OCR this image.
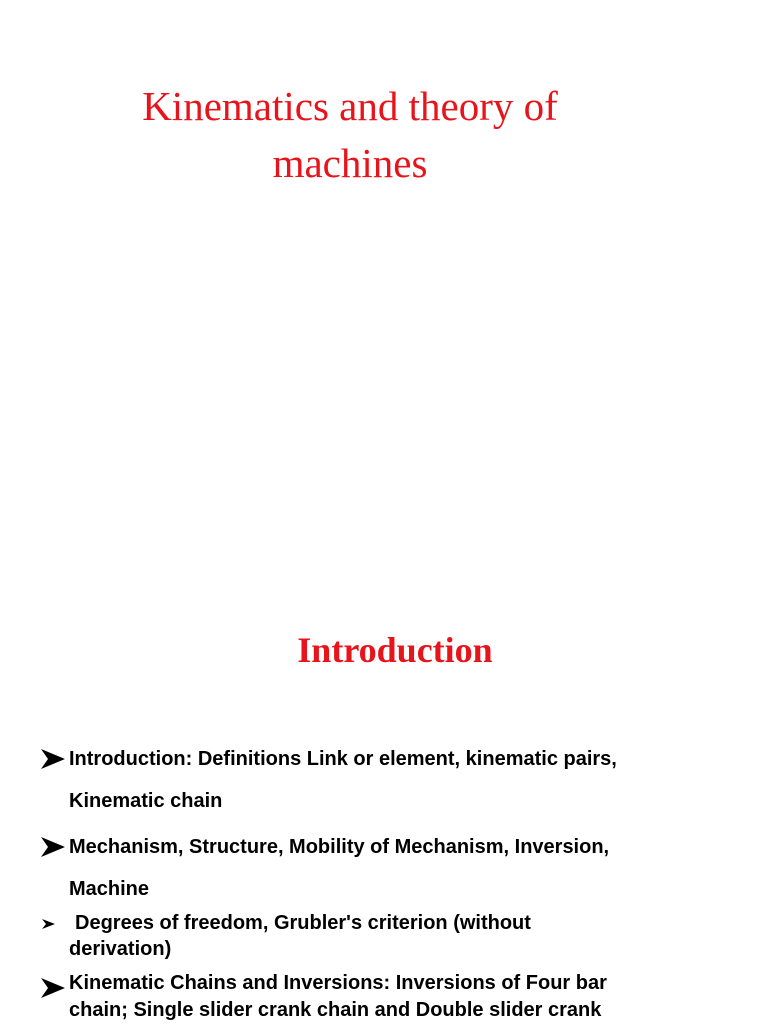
Kinematics and theory of
machines
Introduction
Introduction: Definitions Link or element, kinematic pairs,
Kinematic chain
Mechanism, Structure, Mobility of Mechanism, Inversion,
Machine
Degrees of freedom, Grubler's criterion (without
derivation)
Kinematic Chains and Inversions: Inversions of Four bar
chain; Single slider crank chain and Double slider crank
